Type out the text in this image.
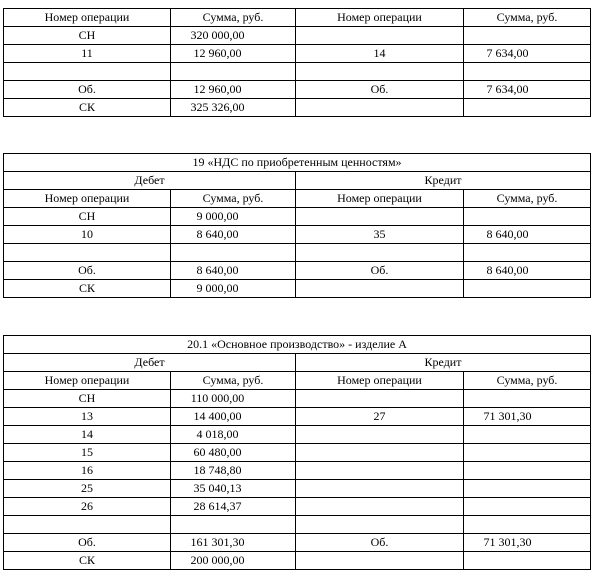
Номер операции	Сумма, руб.	Номер операции	Сумма, руб.
СН	320 000,00		
11	12 960,00	14	7 634,00

Об.	12 960,00	Об.	7 634,00
СК	325 326,00		
19 «НДС по приобретенным ценностям»			
Дебет		Кредит	
Номер операции	Сумма, руб.	Номер операции	Сумма, руб.
СН	9 000,00		
10	8 640,00	35	8 640,00

Об.	8 640,00	Об.	8 640,00
СК	9 000,00		
20.1 «Основное производство» - изделие А			
Дебет		Кредит	
Номер операции	Сумма, руб.	Номер операции	Сумма, руб.
СН	110 000,00		
13	14 400,00	27	71 301,30
14	4 018,00		
15	60 480,00		
16	18 748,80		
25	35 040,13		
26	28 614,37		

Об.	161 301,30	Об.	71 301,30
СК	200 000,00		
